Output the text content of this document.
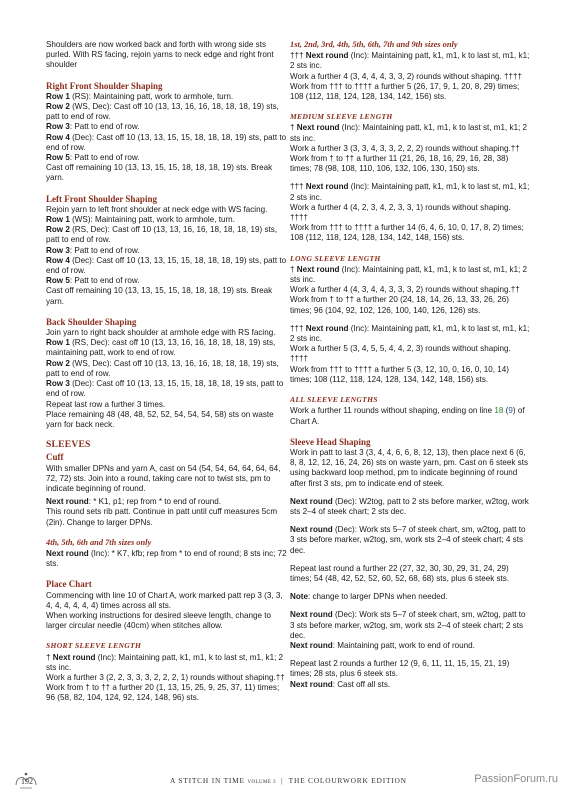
Shoulders are now worked back and forth with wrong side sts purled. With RS facing, rejoin yarns to neck edge and right front shoulder

Right Front Shoulder Shaping

Row 1 (RS): Maintaining patt, work to armhole, turn.

Row 2 (WS, Dec): Cast off 10 (13, 13, 16, 16, 18, 18, 18, 19) sts, patt to end of row.

Row 3: Patt to end of row.

Row 4 (Dec): Cast off 10 (13, 13, 15, 15, 18, 18, 18, 19) sts, patt to end of row.

Row 5: Patt to end of row.

Cast off remaining 10 (13, 13, 15, 15, 18, 18, 18, 19) sts. Break yarn.

Left Front Shoulder Shaping

Rejoin yarn to left front shoulder at neck edge with WS facing.

Row 1 (WS): Maintaining patt, work to armhole, turn.

Row 2 (RS, Dec): Cast off 10 (13, 13, 16, 16, 18, 18, 18, 19) sts, patt to end of row.

Row 3: Patt to end of row.

Row 4 (Dec): Cast off 10 (13, 13, 15, 15, 18, 18, 18, 19) sts, patt to end of row.

Row 5: Patt to end of row.

Cast off remaining 10 (13, 13, 15, 15, 18, 18, 18, 19) sts. Break yarn.

Back Shoulder Shaping

Join yarn to right back shoulder at armhole edge with RS facing.

Row 1 (RS, Dec): cast off 10 (13, 13, 16, 16, 18, 18, 18, 19) sts, maintaining patt, work to end of row.

Row 2 (WS, Dec): Cast off 10 (13, 13, 16, 16, 18, 18, 18, 19) sts, patt to end of row.

Row 3 (Dec): Cast off 10 (13, 13, 15, 15, 18, 18, 18, 19 sts, patt to end of row.

Repeat last row a further 3 times.

Place remaining 48 (48, 48, 52, 52, 54, 54, 54, 58) sts on waste yarn for back neck.

SLEEVES
Cuff

With smaller DPNs and yarn A, cast on 54 (54, 54, 64, 64, 64, 64, 72, 72) sts. Join into a round, taking care not to twist sts, pm to indicate beginning of round.

Next round: * K1, p1; rep from * to end of round.

This round sets rib patt. Continue in patt until cuff measures 5cm (2in). Change to larger DPNs.

4th, 5th, 6th and 7th sizes only

Next round (Inc): * K7, kfb; rep from * to end of round; 8 sts inc; 72 sts.

Place Chart

Commencing with line 10 of Chart A, work marked patt rep 3 (3, 3, 4, 4, 4, 4, 4, 4) times across all sts.

When working instructions for desired sleeve length, change to larger circular needle (40cm) when stitches allow.

SHORT SLEEVE LENGTH

† Next round (Inc): Maintaining patt, k1, m1, k to last st, m1, k1; 2 sts inc.

Work a further 3 (2, 2, 3, 3, 3, 2, 2, 2, 1) rounds without shaping.††

Work from † to †† a further 20 (1, 13, 15, 25, 9, 25, 37, 11) times; 96 (58, 82, 104, 124, 92, 124, 148, 96) sts.

1st, 2nd, 3rd, 4th, 5th, 6th, 7th and 9th sizes only

††† Next round (Inc): Maintaining patt, k1, m1, k to last st, m1, k1; 2 sts inc.

Work a further 4 (3, 4, 4, 4, 3, 3, 2) rounds without shaping. ††††

Work from ††† to †††† a further 5 (26, 17, 9, 1, 20, 8, 29) times; 108 (112, 118, 124, 128, 134, 142, 156) sts.

MEDIUM SLEEVE LENGTH

† Next round (Inc): Maintaining patt, k1, m1, k to last st, m1, k1; 2 sts inc.

Work a further 3 (3, 3, 4, 3, 3, 2, 2, 2) rounds without shaping.††

Work from † to †† a further 11 (21, 26, 18, 16, 29, 16, 28, 38) times; 78 (98, 108, 110, 106, 132, 106, 130, 150) sts.

††† Next round (Inc): Maintaining patt, k1, m1, k to last st, m1, k1; 2 sts inc.

Work a further 4 (4, 2, 3, 4, 2, 3, 3, 1) rounds without shaping. ††††

Work from ††† to †††† a further 14 (6, 4, 6, 10, 0, 17, 8, 2) times; 108 (112, 118, 124, 128, 134, 142, 148, 156) sts.

LONG SLEEVE LENGTH

† Next round (Inc): Maintaining patt, k1, m1, k to last st, m1, k1; 2 sts inc.

Work a further 4 (4, 3, 4, 4, 3, 3, 3, 2) rounds without shaping.††

Work from † to †† a further 20 (24, 18, 14, 26, 13, 33, 26, 26) times; 96 (104, 92, 102, 126, 100, 140, 126, 126) sts.

††† Next round (Inc): Maintaining patt, k1, m1, k to last st, m1, k1; 2 sts inc.

Work a further 5 (3, 4, 5, 5, 4, 4, 2, 3) rounds without shaping. ††††

Work from ††† to †††† a further 5 (3, 12, 10, 0, 16, 0, 10, 14) times; 108 (112, 118, 124, 128, 134, 142, 148, 156) sts.

ALL SLEEVE LENGTHS

Work a further 11 rounds without shaping, ending on line 18 (9) of Chart A.

Sleeve Head Shaping

Work in patt to last 3 (3, 4, 4, 6, 6, 8, 12, 13), then place next 6 (6, 8, 8, 12, 12, 16, 24, 26) sts on waste yarn, pm. Cast on 6 steek sts using backward loop method, pm to indicate beginning of round after first 3 sts, pm to indicate end of steek.

Next round (Dec): W2tog, patt to 2 sts before marker, w2tog, work sts 2–4 of steek chart; 2 sts dec.

Next round (Dec): Work sts 5–7 of steek chart, sm, w2tog, patt to 3 sts before marker, w2tog, sm, work sts 2–4 of steek chart; 4 sts dec.

Repeat last round a further 22 (27, 32, 30, 30, 29, 31, 24, 29) times; 54 (48, 42, 52, 52, 60, 52, 68, 68) sts, plus 6 steek sts.

Note: change to larger DPNs when needed.

Next round (Dec): Work sts 5–7 of steek chart, sm, w2tog, patt to 3 sts before marker, w2tog, sm, work sts 2–4 of steek chart; 2 sts dec.

Next round: Maintaining patt, work to end of round.

Repeat last 2 rounds a further 12 (9, 6, 11, 11, 15, 15, 21, 19) times; 28 sts, plus 6 steek sts.

Next round: Cast off all sts.

192	A STITCH IN TIME VOLUME 3  |  THE COLOURWORK EDITION	PassionForum.ru
